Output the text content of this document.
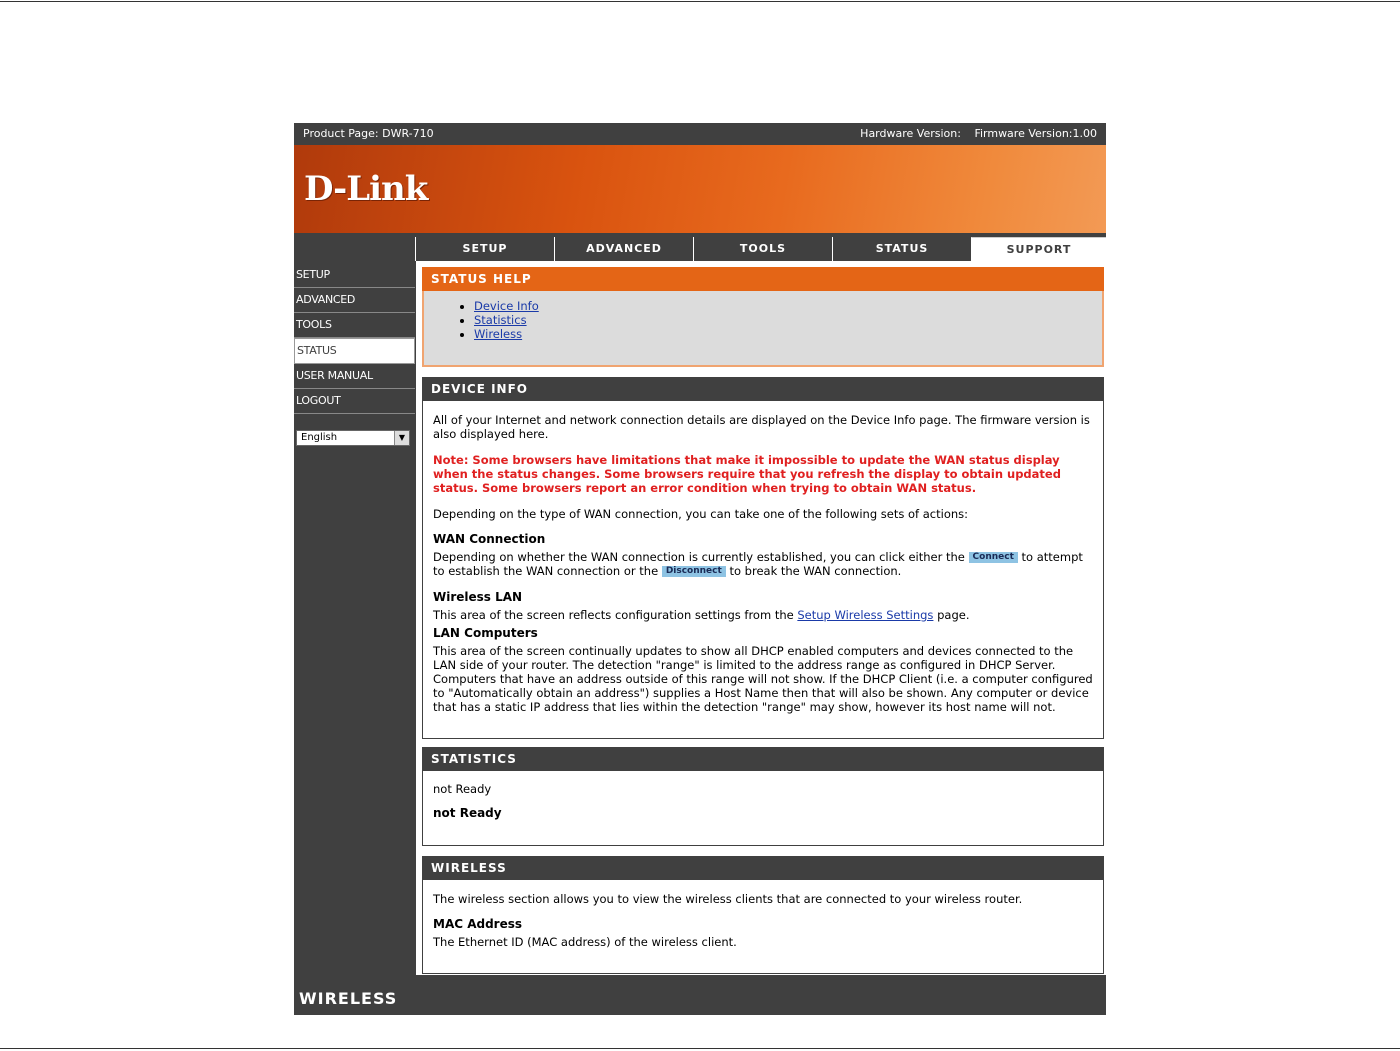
Product Page: DWR-710	Hardware Version: Firmware Version:1.00
D-Link
SETUP	ADVANCED	TOOLS	STATUS	SUPPORT
SETUP
ADVANCED
TOOLS
STATUS
USER MANUAL
LOGOUT
English	▼
STATUS HELP
• Device Info
• Statistics
• Wireless
DEVICE INFO

All of your Internet and network connection details are displayed on the Device Info page. The firmware version is also displayed here.

Note: Some browsers have limitations that make it impossible to update the WAN status display when the status changes. Some browsers require that you refresh the display to obtain updated status. Some browsers report an error condition when trying to obtain WAN status.

Depending on the type of WAN connection, you can take one of the following sets of actions:

WAN Connection

Depending on whether the WAN connection is currently established, you can click either the Connect to attempt to establish the WAN connection or the Disconnect to break the WAN connection.

Wireless LAN

This area of the screen reflects configuration settings from the Setup Wireless Settings page.

LAN Computers

This area of the screen continually updates to show all DHCP enabled computers and devices connected to the LAN side of your router. The detection "range" is limited to the address range as configured in DHCP Server. Computers that have an address outside of this range will not show. If the DHCP Client (i.e. a computer configured to "Automatically obtain an address") supplies a Host Name then that will also be shown. Any computer or device that has a static IP address that lies within the detection "range" may show, however its host name will not.

STATISTICS

not Ready

not Ready

WIRELESS

The wireless section allows you to view the wireless clients that are connected to your wireless router.

MAC Address

The Ethernet ID (MAC address) of the wireless client.

WIRELESS
